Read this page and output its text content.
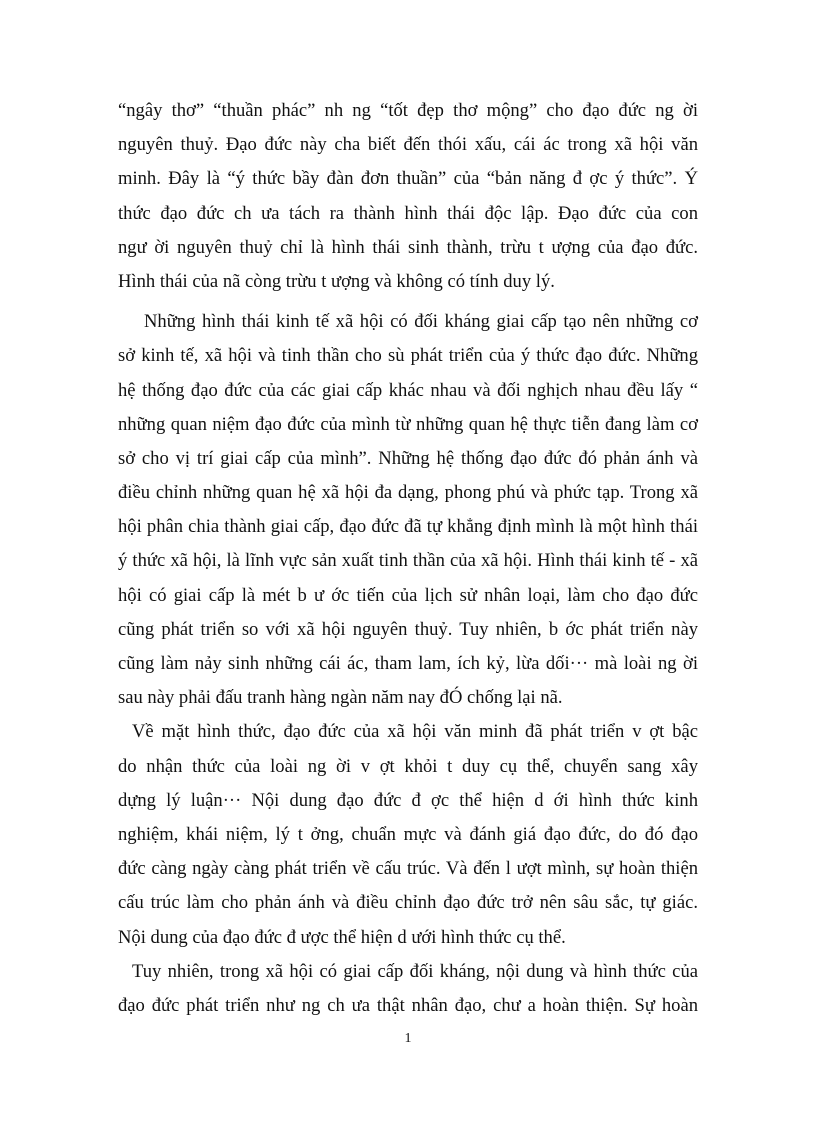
“ngây thơ” “thuần phác” nh ng “tốt đẹp thơ mộng” cho đạo đức ng ời
nguyên thuỷ. Đạo đức này cha biết đến thói xấu, cái ác trong xã hội văn
minh. Đây là “ý thức bầy đàn đơn thuần” của “bản năng đ ợc ý thức”. Ý
thức đạo đức ch ưa tách ra thành hình thái độc lập. Đạo đức của con
ngư ời nguyên thuỷ chỉ là hình thái sinh thành, trừu t ượng của đạo đức.
Hình thái của nã còng trừu t ượng và không có tính duy lý.
Những hình thái kinh tế xã hội có đối kháng giai cấp tạo nên những cơ
sở kinh tế, xã hội và tinh thần cho sù phát triển của ý thức đạo đức. Những
hệ thống đạo đức của các giai cấp khác nhau và đối nghịch nhau đều lấy “
những quan niệm đạo đức của mình từ những quan hệ thực tiễn đang làm cơ
sở cho vị trí giai cấp của mình”. Những hệ thống đạo đức đó phản ánh và
điều chỉnh những quan hệ xã hội đa dạng, phong phú và phức tạp. Trong xã
hội phân chia thành giai cấp, đạo đức đã tự khẳng định mình là một hình thái
ý thức xã hội, là lĩnh vực sản xuất tinh thần của xã hội. Hình thái kinh tế - xã
hội có giai cấp là mét b ư ớc tiến của lịch sử nhân loại, làm cho đạo đức
cũng phát triển so với xã hội nguyên thuỷ. Tuy nhiên, b ớc phát triển này
cũng làm nảy sinh những cái ác, tham lam, ích kỷ, lừa dối··· mà loài ng ời
sau này phải đấu tranh hàng ngàn năm nay đÓ chống lại nã.
Về mặt hình thức, đạo đức của xã hội văn minh đã phát triển v ợt bậc
do nhận thức của loài ng ời v ợt khỏi t duy cụ thể, chuyển sang xây
dựng lý luận··· Nội dung đạo đức đ ợc thể hiện d ới hình thức kinh
nghiệm, khái niệm, lý t ởng, chuẩn mực và đánh giá đạo đức, do đó đạo
đức càng ngày càng phát triển về cấu trúc. Và đến l ượt mình, sự hoàn thiện
cấu trúc làm cho phản ánh và điều chỉnh đạo đức trở nên sâu sắc, tự giác.
Nội dung của đạo đức đ ược thể hiện d ưới hình thức cụ thể.
Tuy nhiên, trong xã hội có giai cấp đối kháng, nội dung và hình thức của
đạo đức phát triển như ng ch ưa thật nhân đạo, chư a hoàn thiện. Sự hoàn
1
